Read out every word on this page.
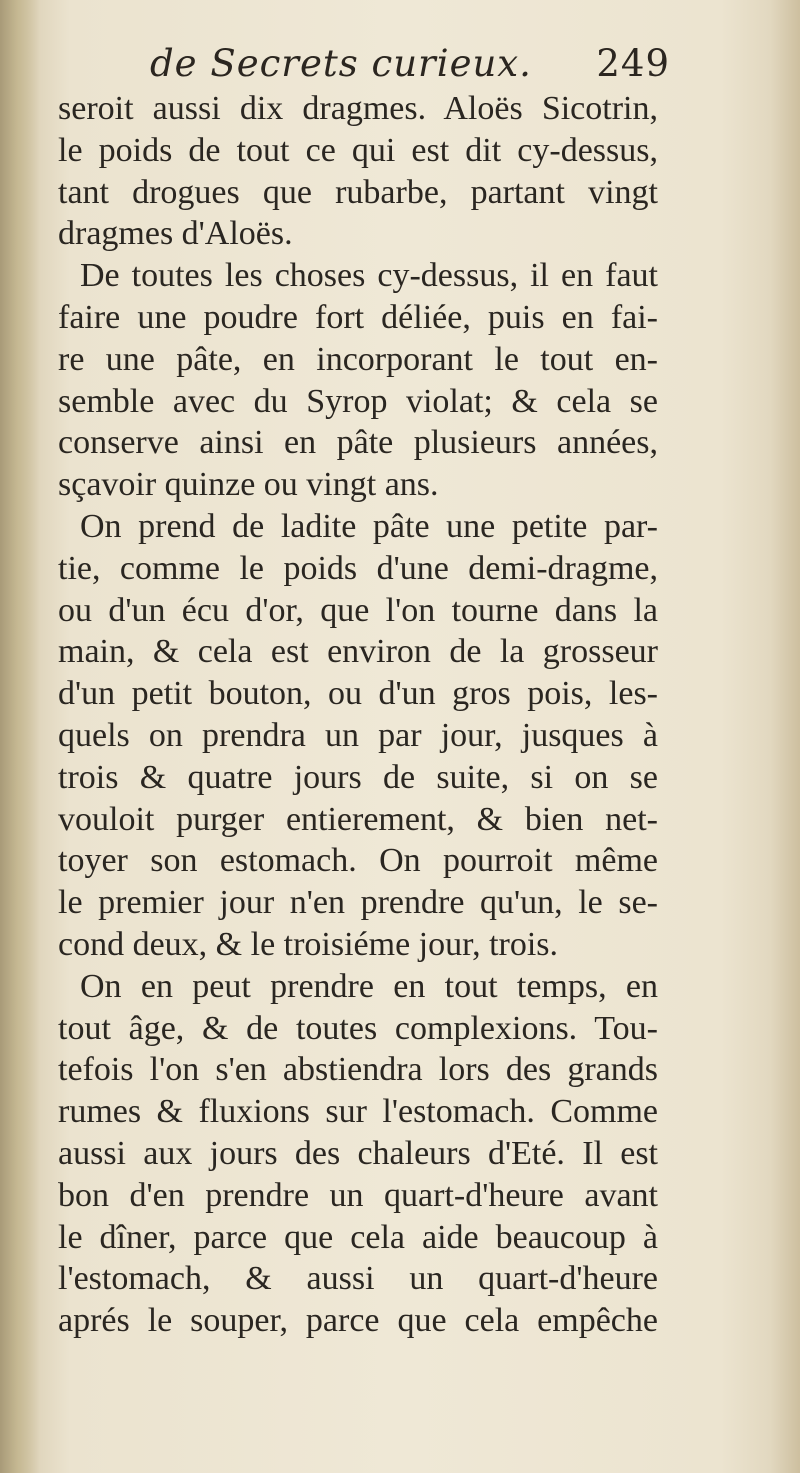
de Secrets curieux. 249
seroit aussi dix dragmes. Aloës Sicotrin,
le poids de tout ce qui est dit cy-dessus,
tant drogues que rubarbe, partant vingt
dragmes d'Aloës.
De toutes les choses cy-dessus, il en faut
faire une poudre fort déliée, puis en fai-
re une pâte, en incorporant le tout en-
semble avec du Syrop violat; & cela se
conserve ainsi en pâte plusieurs années,
sçavoir quinze ou vingt ans.
On prend de ladite pâte une petite par-
tie, comme le poids d'une demi-dragme,
ou d'un écu d'or, que l'on tourne dans la
main, & cela est environ de la grosseur
d'un petit bouton, ou d'un gros pois, les-
quels on prendra un par jour, jusques à
trois & quatre jours de suite, si on se
vouloit purger entierement, & bien net-
toyer son estomach. On pourroit même
le premier jour n'en prendre qu'un, le se-
cond deux, & le troisiéme jour, trois.
On en peut prendre en tout temps, en
tout âge, & de toutes complexions. Tou-
tefois l'on s'en abstiendra lors des grands
rumes & fluxions sur l'estomach. Comme
aussi aux jours des chaleurs d'Eté. Il est
bon d'en prendre un quart-d'heure avant
le dîner, parce que cela aide beaucoup à
l'estomach, & aussi un quart-d'heure
aprés le souper, parce que cela empêche
